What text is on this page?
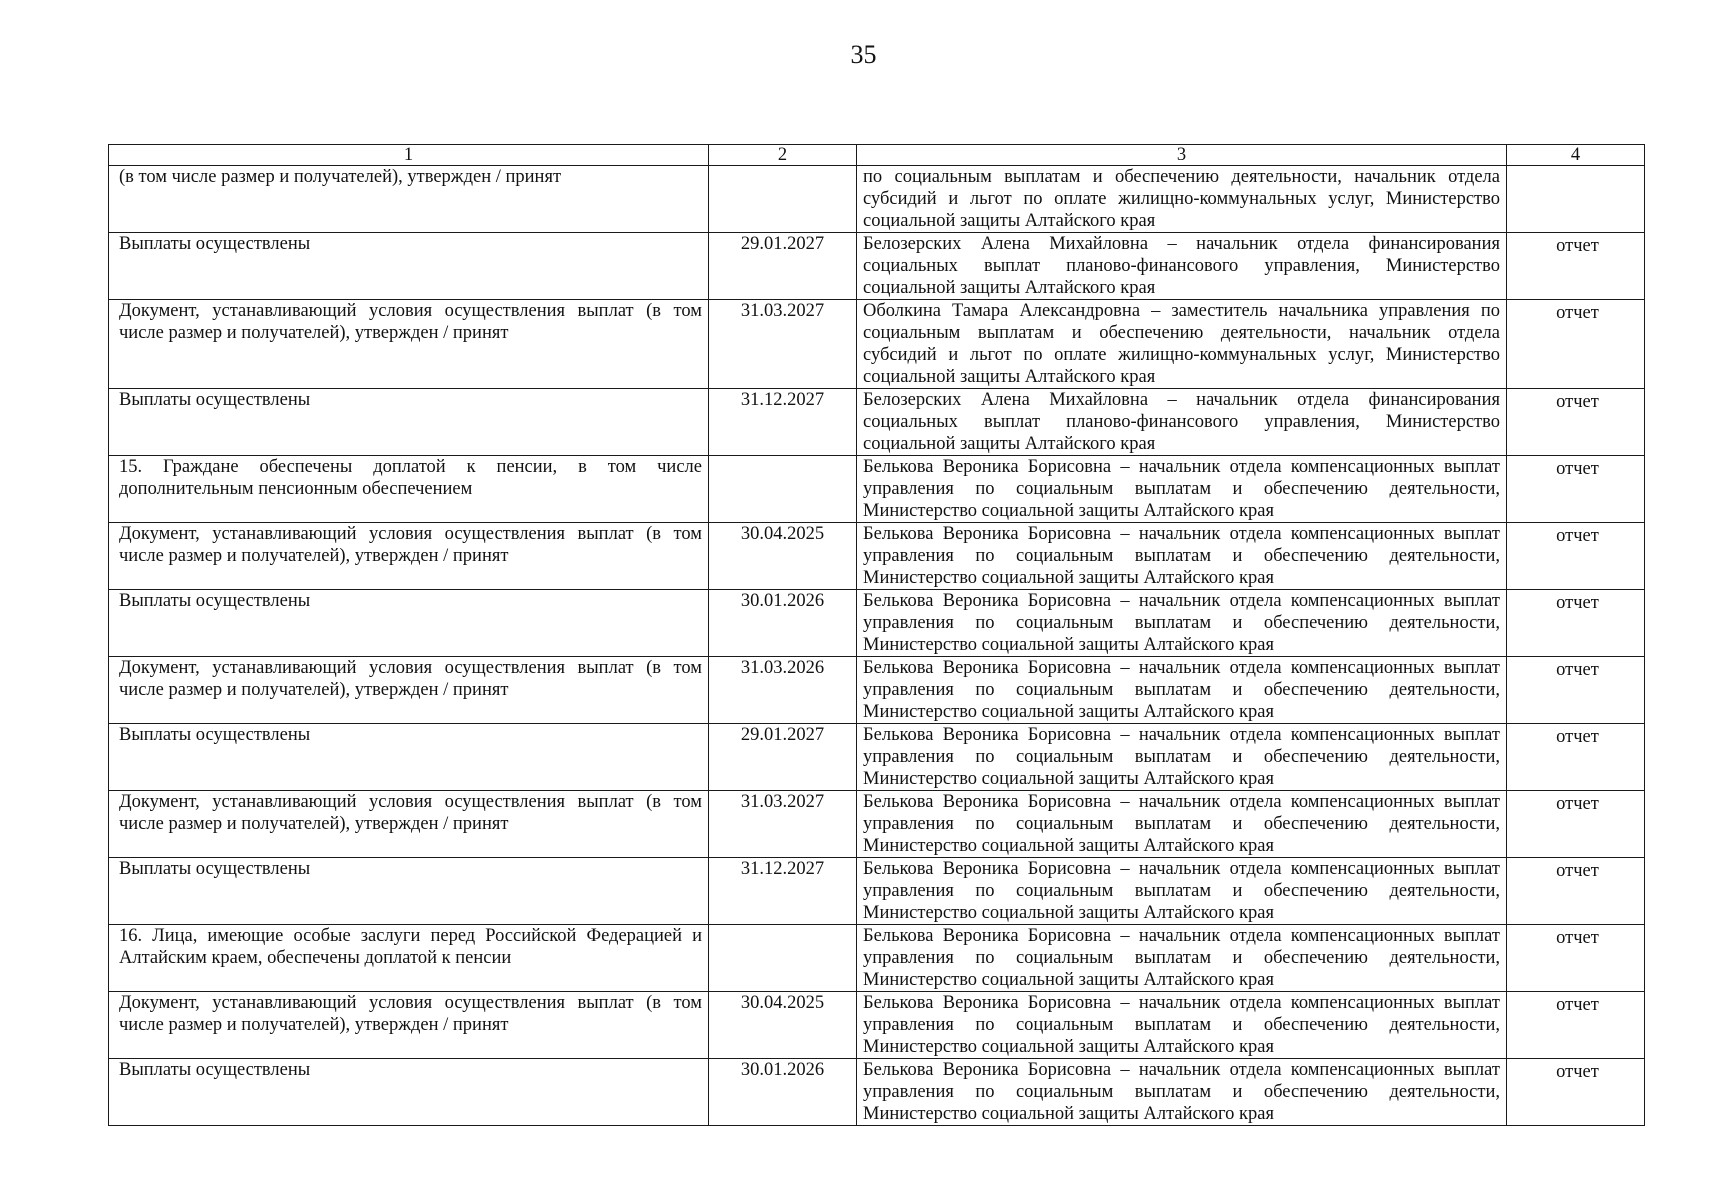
35
1	2	3	4
(в том числе размер и получателей), утвержден / принят		по социальным выплатам и обеспечению деятельности, начальник отдела субсидий и льгот по оплате жилищно-коммунальных услуг, Министерство социальной защиты Алтайского края	
Выплаты осуществлены	29.01.2027	Белозерских Алена Михайловна – начальник отдела финансирования социальных выплат планово-финансового управления, Министерство социальной защиты Алтайского края	отчет
Документ, устанавливающий условия осуществления выплат (в том числе размер и получателей), утвержден / принят	31.03.2027	Оболкина Тамара Александровна – заместитель начальника управления по социальным выплатам и обеспечению деятельности, начальник отдела субсидий и льгот по оплате жилищно-коммунальных услуг, Министерство социальной защиты Алтайского края	отчет
Выплаты осуществлены	31.12.2027	Белозерских Алена Михайловна – начальник отдела финансирования социальных выплат планово-финансового управления, Министерство социальной защиты Алтайского края	отчет
15. Граждане обеспечены доплатой к пенсии, в том числе дополнительным пенсионным обеспечением		Белькова Вероника Борисовна – начальник отдела компенсационных выплат управления по социальным выплатам и обеспечению деятельности, Министерство социальной защиты Алтайского края	отчет
Документ, устанавливающий условия осуществления выплат (в том числе размер и получателей), утвержден / принят	30.04.2025	Белькова Вероника Борисовна – начальник отдела компенсационных выплат управления по социальным выплатам и обеспечению деятельности, Министерство социальной защиты Алтайского края	отчет
Выплаты осуществлены	30.01.2026	Белькова Вероника Борисовна – начальник отдела компенсационных выплат управления по социальным выплатам и обеспечению деятельности, Министерство социальной защиты Алтайского края	отчет
Документ, устанавливающий условия осуществления выплат (в том числе размер и получателей), утвержден / принят	31.03.2026	Белькова Вероника Борисовна – начальник отдела компенсационных выплат управления по социальным выплатам и обеспечению деятельности, Министерство социальной защиты Алтайского края	отчет
Выплаты осуществлены	29.01.2027	Белькова Вероника Борисовна – начальник отдела компенсационных выплат управления по социальным выплатам и обеспечению деятельности, Министерство социальной защиты Алтайского края	отчет
Документ, устанавливающий условия осуществления выплат (в том числе размер и получателей), утвержден / принят	31.03.2027	Белькова Вероника Борисовна – начальник отдела компенсационных выплат управления по социальным выплатам и обеспечению деятельности, Министерство социальной защиты Алтайского края	отчет
Выплаты осуществлены	31.12.2027	Белькова Вероника Борисовна – начальник отдела компенсационных выплат управления по социальным выплатам и обеспечению деятельности, Министерство социальной защиты Алтайского края	отчет
16. Лица, имеющие особые заслуги перед Российской Федерацией и Алтайским краем, обеспечены доплатой к пенсии		Белькова Вероника Борисовна – начальник отдела компенсационных выплат управления по социальным выплатам и обеспечению деятельности, Министерство социальной защиты Алтайского края	отчет
Документ, устанавливающий условия осуществления выплат (в том числе размер и получателей), утвержден / принят	30.04.2025	Белькова Вероника Борисовна – начальник отдела компенсационных выплат управления по социальным выплатам и обеспечению деятельности, Министерство социальной защиты Алтайского края	отчет
Выплаты осуществлены	30.01.2026	Белькова Вероника Борисовна – начальник отдела компенсационных выплат управления по социальным выплатам и обеспечению деятельности, Министерство социальной защиты Алтайского края	отчет
